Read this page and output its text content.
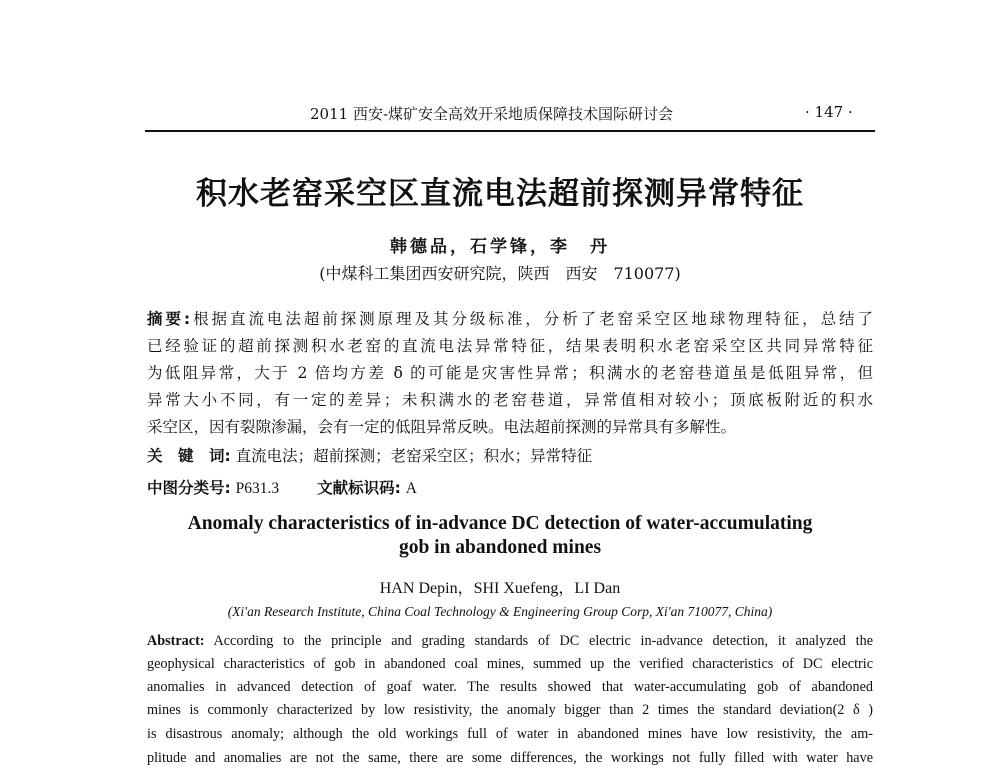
2011 西安-煤矿安全高效开采地质保障技术国际研讨会	· 147 ·
积水老窑采空区直流电法超前探测异常特征
韩德品，石学锋，李　丹
(中煤科工集团西安研究院，陕西　西安　710077)
摘要:根据直流电法超前探测原理及其分级标准，分析了老窑采空区地球物理特征，总结了
已经验证的超前探测积水老窑的直流电法异常特征，结果表明积水老窑采空区共同异常特征
为低阻异常，大于 2 倍均方差 δ 的可能是灾害性异常；积满水的老窑巷道虽是低阻异常，但
异常大小不同，有一定的差异；未积满水的老窑巷道，异常值相对较小；顶底板附近的积水
采空区，因有裂隙渗漏，会有一定的低阻异常反映。电法超前探测的异常具有多解性。
关　键　词: 直流电法；超前探测；老窑采空区；积水；异常特征
中图分类号: P631.3 文献标识码: A
Anomaly characteristics of in-advance DC detection of water-accumulating
gob in abandoned mines
HAN Depin，SHI Xuefeng，LI Dan
(Xi'an Research Institute, China Coal Technology & Engineering Group Corp, Xi'an 710077, China)
Abstract: According to the principle and grading standards of DC electric in-advance detection, it analyzed the
geophysical characteristics of gob in abandoned coal mines, summed up the verified characteristics of DC electric
anomalies in advanced detection of goaf water. The results showed that water-accumulating gob of abandoned
mines is commonly characterized by low resistivity, the anomaly bigger than 2 times the standard deviation(2 δ )
is disastrous anomaly; although the old workings full of water in abandoned mines have low resistivity, the am-
plitude and anomalies are not the same, there are some differences, the workings not fully filled with water have
